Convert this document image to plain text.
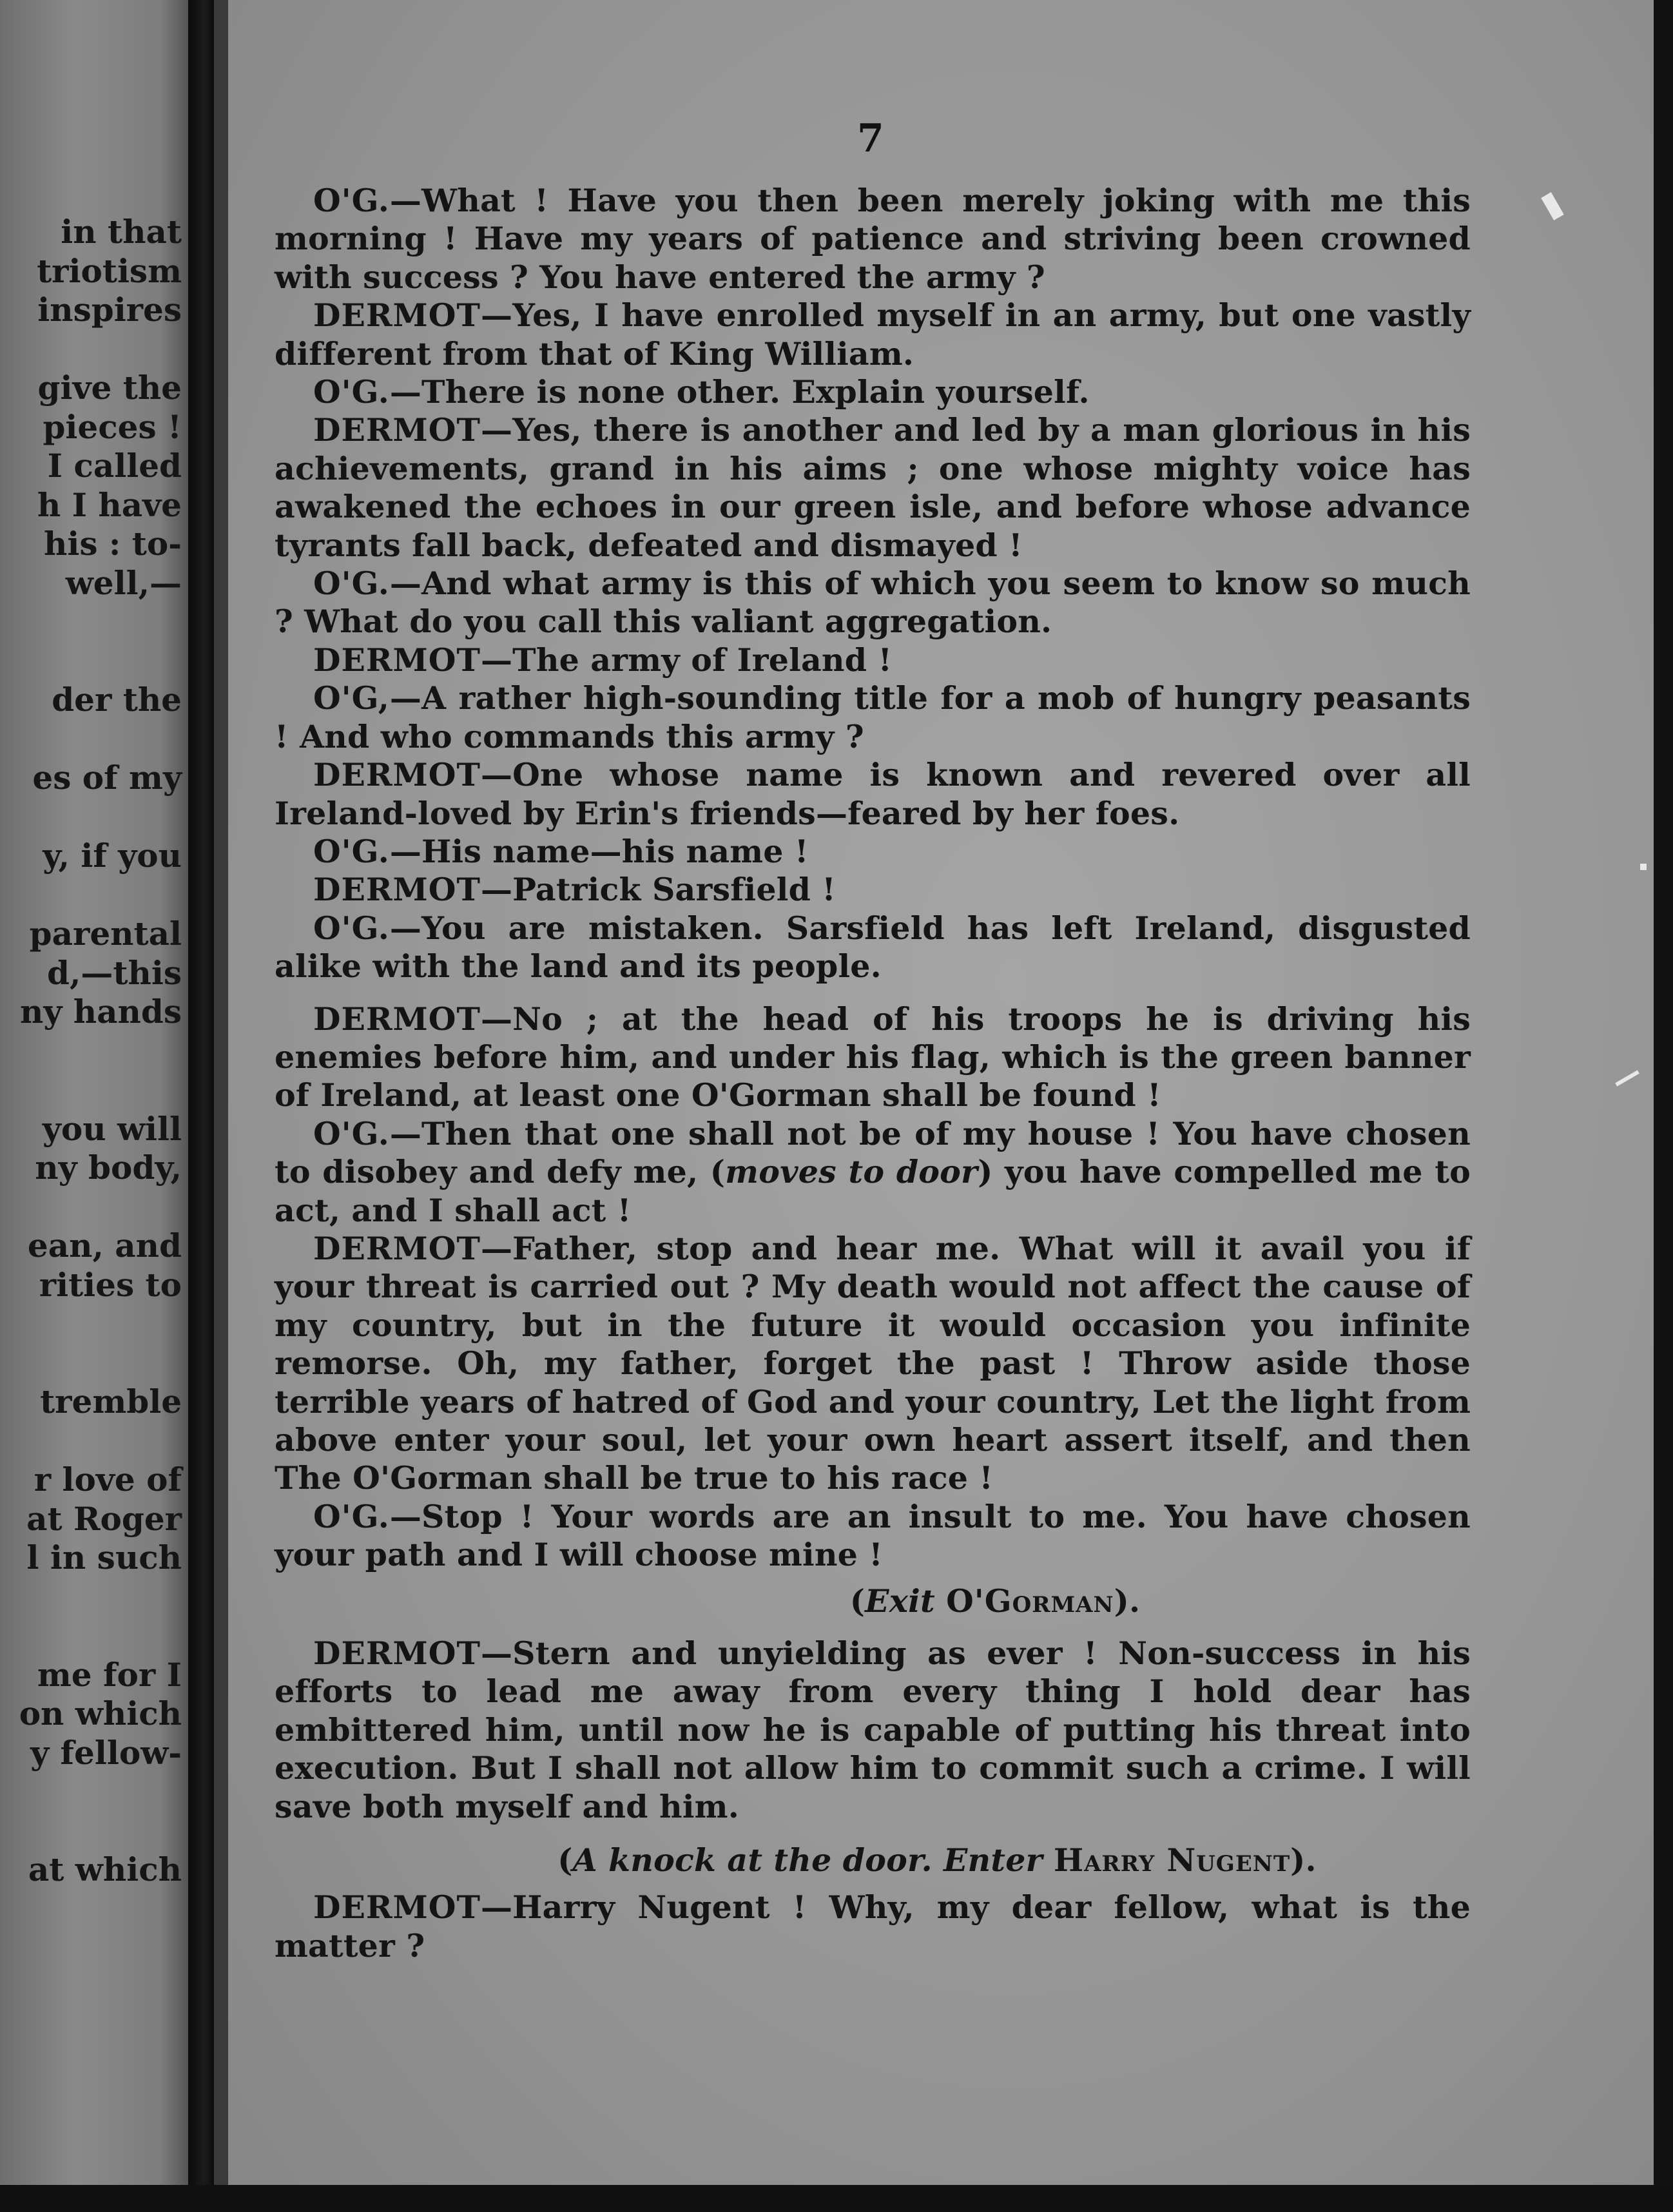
in that
triotism
inspires
give the
pieces !
I called
h I have
his : to-
well,—
der the
es of my
y, if you
parental
d,—this
ny hands
you will
ny body,
ean, and
rities to
tremble
r love of
at Roger
l in such
me for I
on which
y fellow-
at which
7

O'G.—What ! Have you then been merely joking with me this morning ! Have my years of patience and striving been crowned with success ? You have entered the army ?

DERMOT—Yes, I have enrolled myself in an army, but one vastly different from that of King William.

O'G.—There is none other. Explain yourself.

DERMOT—Yes, there is another and led by a man glorious in his achievements, grand in his aims ; one whose mighty voice has awakened the echoes in our green isle, and before whose advance tyrants fall back, defeated and dismayed !

O'G.—And what army is this of which you seem to know so much ? What do you call this valiant aggregation.

DERMOT—The army of Ireland !

O'G,—A rather high-sounding title for a mob of hungry peasants ! And who commands this army ?

DERMOT—One whose name is known and revered over all Ireland-loved by Erin's friends—feared by her foes.

O'G.—His name—his name !

DERMOT—Patrick Sarsfield !

O'G.—You are mistaken. Sarsfield has left Ireland, disgusted alike with the land and its people.

DERMOT—No ; at the head of his troops he is driving his enemies before him, and under his flag, which is the green banner of Ireland, at least one O'Gorman shall be found !

O'G.—Then that one shall not be of my house ! You have chosen to disobey and defy me, (moves to door) you have compelled me to act, and I shall act !

DERMOT—Father, stop and hear me. What will it avail you if your threat is carried out ? My death would not affect the cause of my country, but in the future it would occasion you infinite remorse. Oh, my father, forget the past ! Throw aside those terrible years of hatred of God and your country, Let the light from above enter your soul, let your own heart assert itself, and then The O'Gorman shall be true to his race !

O'G.—Stop ! Your words are an insult to me. You have chosen your path and I will choose mine !

(Exit O'Gorman).

DERMOT—Stern and unyielding as ever ! Non-success in his efforts to lead me away from every thing I hold dear has embittered him, until now he is capable of putting his threat into execution. But I shall not allow him to commit such a crime. I will save both myself and him.

(A knock at the door. Enter Harry Nugent).

DERMOT—Harry Nugent ! Why, my dear fellow, what is the matter ?
